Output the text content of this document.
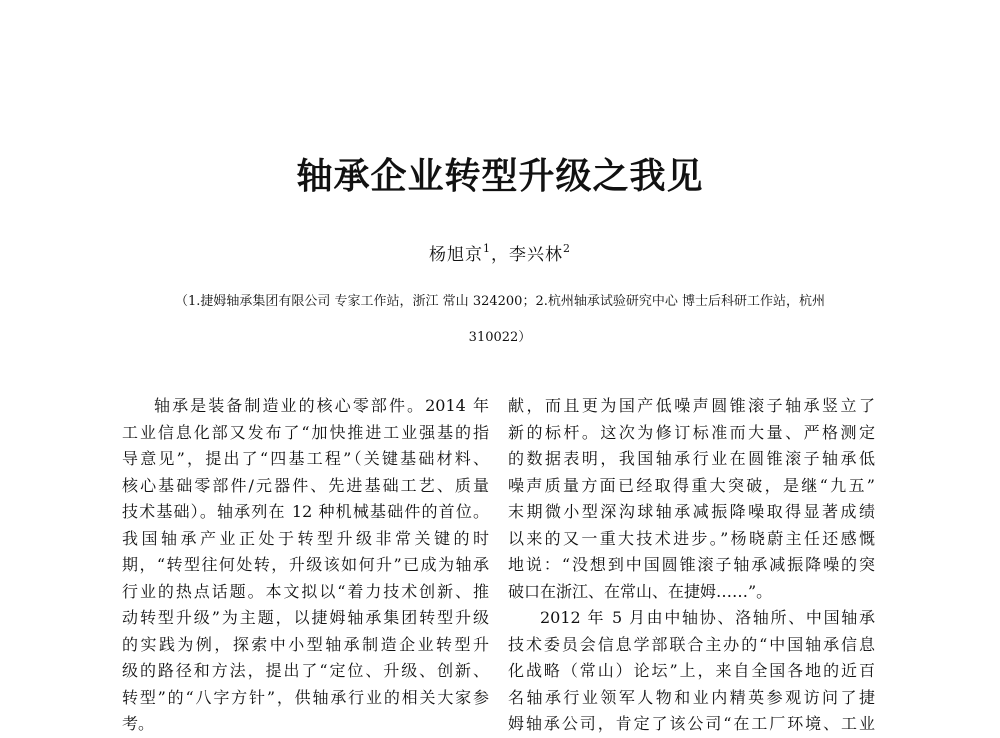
轴承企业转型升级之我见
杨旭京$^1$，李兴林$^2$
（1.捷姆轴承集团有限公司 专家工作站，浙江 常山 324200；2.杭州轴承试验研究中心 博士后科研工作站，杭州
310022）
轴承是装备制造业的核心零部件。2014 年
工业信息化部又发布了“加快推进工业强基的指
导意见”，提出了“四基工程”（关键基础材料、
核心基础零部件/元器件、先进基础工艺、质量
技术基础）。轴承列在 12 种机械基础件的首位。
我国轴承产业正处于转型升级非常关键的时
期，“转型往何处转，升级该如何升”已成为轴承
行业的热点话题。本文拟以“着力技术创新、推
动转型升级”为主题，以捷姆轴承集团转型升级
的实践为例，探索中小型轴承制造企业转型升
级的路径和方法，提出了“定位、升级、创新、
转型”的“八字方针”，供轴承行业的相关大家参
考。
献，而且更为国产低噪声圆锥滚子轴承竖立了
新的标杆。这次为修订标准而大量、严格测定
的数据表明，我国轴承行业在圆锥滚子轴承低
噪声质量方面已经取得重大突破，是继“九五”
末期微小型深沟球轴承减振降噪取得显著成绩
以来的又一重大技术进步。”杨晓蔚主任还感慨
地说：“没想到中国圆锥滚子轴承减振降噪的突
破口在浙江、在常山、在捷姆……”。
2012 年 5 月由中轴协、洛轴所、中国轴承
技术委员会信息学部联合主办的“中国轴承信息
化战略（常山）论坛”上，来自全国各地的近百
名轴承行业领军人物和业内精英参观访问了捷
姆轴承公司，肯定了该公司“在工厂环境、工业
